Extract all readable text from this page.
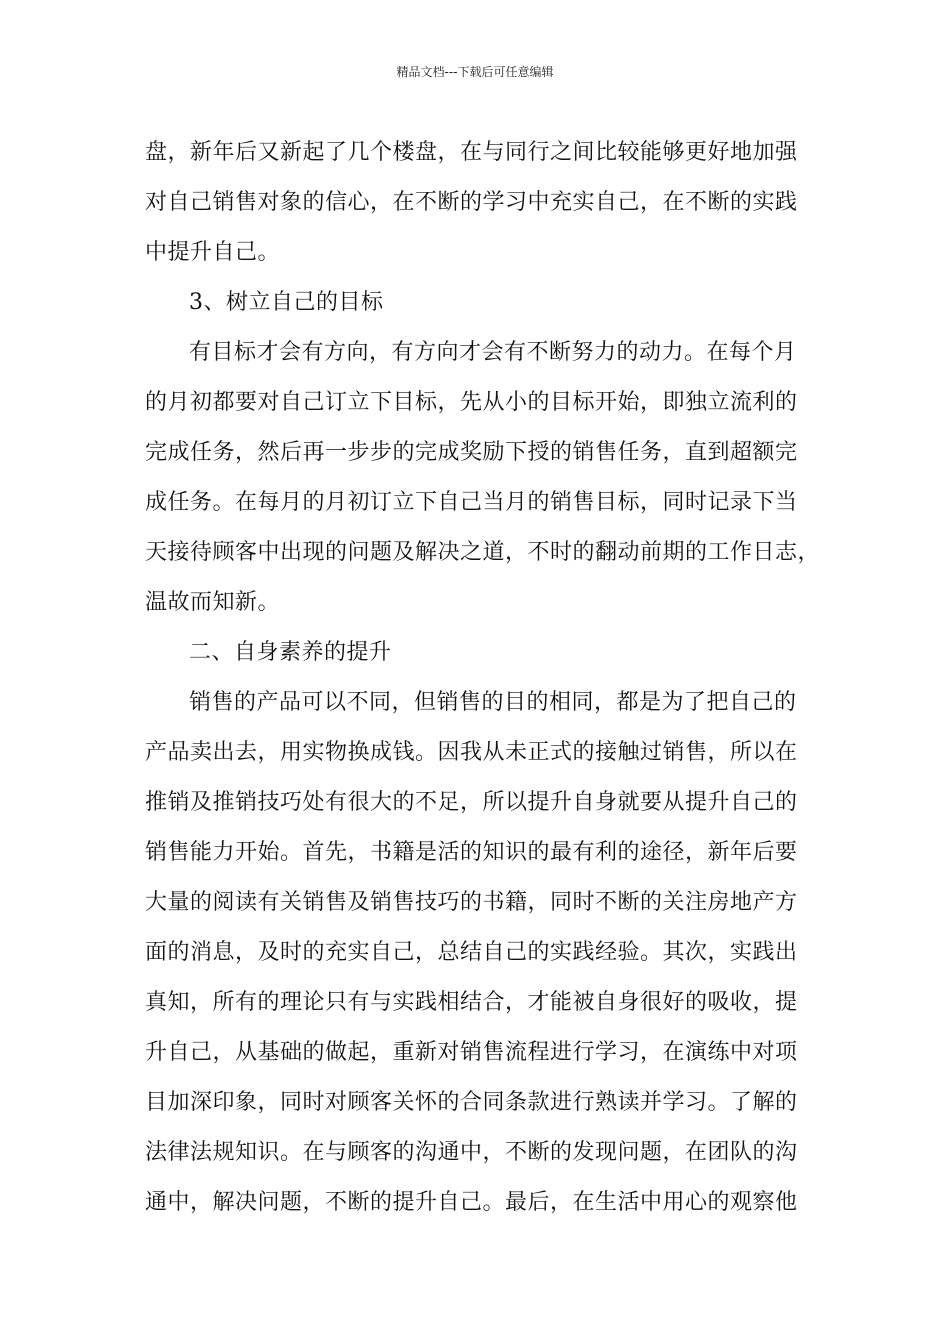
精品文档---下载后可任意编辑
盘，新年后又新起了几个楼盘，在与同行之间比较能够更好地加强
对自己销售对象的信心，在不断的学习中充实自己，在不断的实践
中提升自己。
3、树立自己的目标
有目标才会有方向，有方向才会有不断努力的动力。在每个月
的月初都要对自己订立下目标，先从小的目标开始，即独立流利的
完成任务，然后再一步步的完成奖励下授的销售任务，直到超额完
成任务。在每月的月初订立下自己当月的销售目标，同时记录下当
天接待顾客中出现的问题及解决之道，不时的翻动前期的工作日志，
温故而知新。
二、自身素养的提升
销售的产品可以不同，但销售的目的相同，都是为了把自己的
产品卖出去，用实物换成钱。因我从未正式的接触过销售，所以在
推销及推销技巧处有很大的不足，所以提升自身就要从提升自己的
销售能力开始。首先，书籍是活的知识的最有利的途径，新年后要
大量的阅读有关销售及销售技巧的书籍，同时不断的关注房地产方
面的消息，及时的充实自己，总结自己的实践经验。其次，实践出
真知，所有的理论只有与实践相结合，才能被自身很好的吸收，提
升自己，从基础的做起，重新对销售流程进行学习，在演练中对项
目加深印象，同时对顾客关怀的合同条款进行熟读并学习。了解的
法律法规知识。在与顾客的沟通中，不断的发现问题，在团队的沟
通中，解决问题，不断的提升自己。最后，在生活中用心的观察他
